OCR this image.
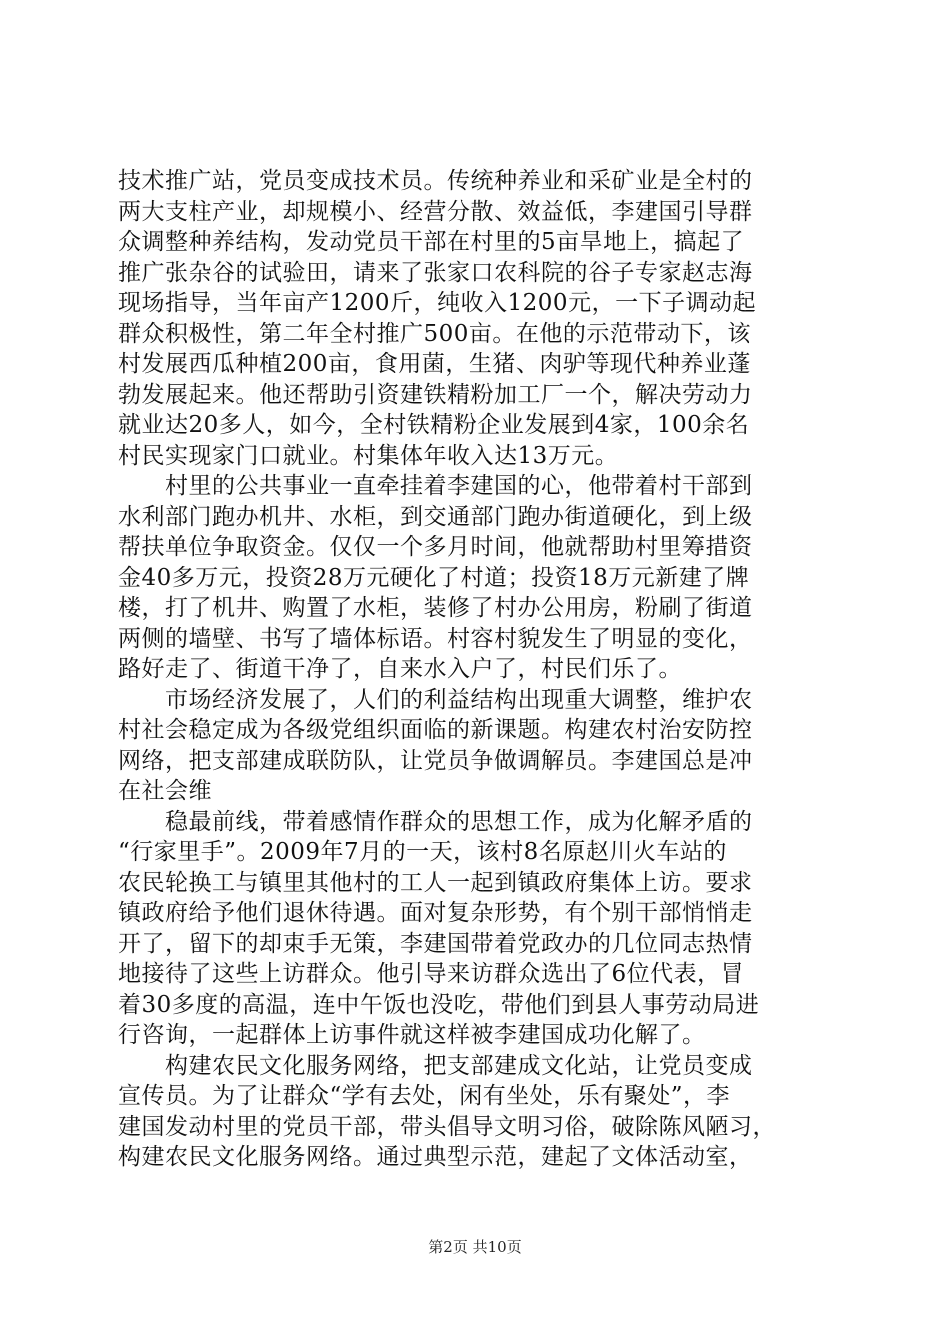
技术推广站，党员变成技术员。传统种养业和采矿业是全村的
两大支柱产业，却规模小、经营分散、效益低，李建国引导群
众调整种养结构，发动党员干部在村里的5亩旱地上，搞起了
推广张杂谷的试验田，请来了张家口农科院的谷子专家赵志海
现场指导，当年亩产1200斤，纯收入1200元，一下子调动起
群众积极性，第二年全村推广500亩。在他的示范带动下，该
村发展西瓜种植200亩，食用菌，生猪、肉驴等现代种养业蓬
勃发展起来。他还帮助引资建铁精粉加工厂一个，解决劳动力
就业达20多人，如今，全村铁精粉企业发展到4家，100余名
村民实现家门口就业。村集体年收入达13万元。
　　村里的公共事业一直牵挂着李建国的心，他带着村干部到
水利部门跑办机井、水柜，到交通部门跑办街道硬化，到上级
帮扶单位争取资金。仅仅一个多月时间，他就帮助村里筹措资
金40多万元，投资28万元硬化了村道；投资18万元新建了牌
楼，打了机井、购置了水柜，装修了村办公用房，粉刷了街道
两侧的墙壁、书写了墙体标语。村容村貌发生了明显的变化，
路好走了、街道干净了，自来水入户了，村民们乐了。
　　市场经济发展了，人们的利益结构出现重大调整，维护农
村社会稳定成为各级党组织面临的新课题。构建农村治安防控
网络，把支部建成联防队，让党员争做调解员。李建国总是冲
在社会维
　　稳最前线，带着感情作群众的思想工作，成为化解矛盾的
“行家里手”。2009年7月的一天，该村8名原赵川火车站的
农民轮换工与镇里其他村的工人一起到镇政府集体上访。要求
镇政府给予他们退休待遇。面对复杂形势，有个别干部悄悄走
开了，留下的却束手无策，李建国带着党政办的几位同志热情
地接待了这些上访群众。他引导来访群众选出了6位代表，冒
着30多度的高温，连中午饭也没吃，带他们到县人事劳动局进
行咨询，一起群体上访事件就这样被李建国成功化解了。
　　构建农民文化服务网络，把支部建成文化站，让党员变成
宣传员。为了让群众“学有去处，闲有坐处，乐有聚处”，李
建国发动村里的党员干部，带头倡导文明习俗，破除陈风陋习，
构建农民文化服务网络。通过典型示范，建起了文体活动室，
第2页 共10页
